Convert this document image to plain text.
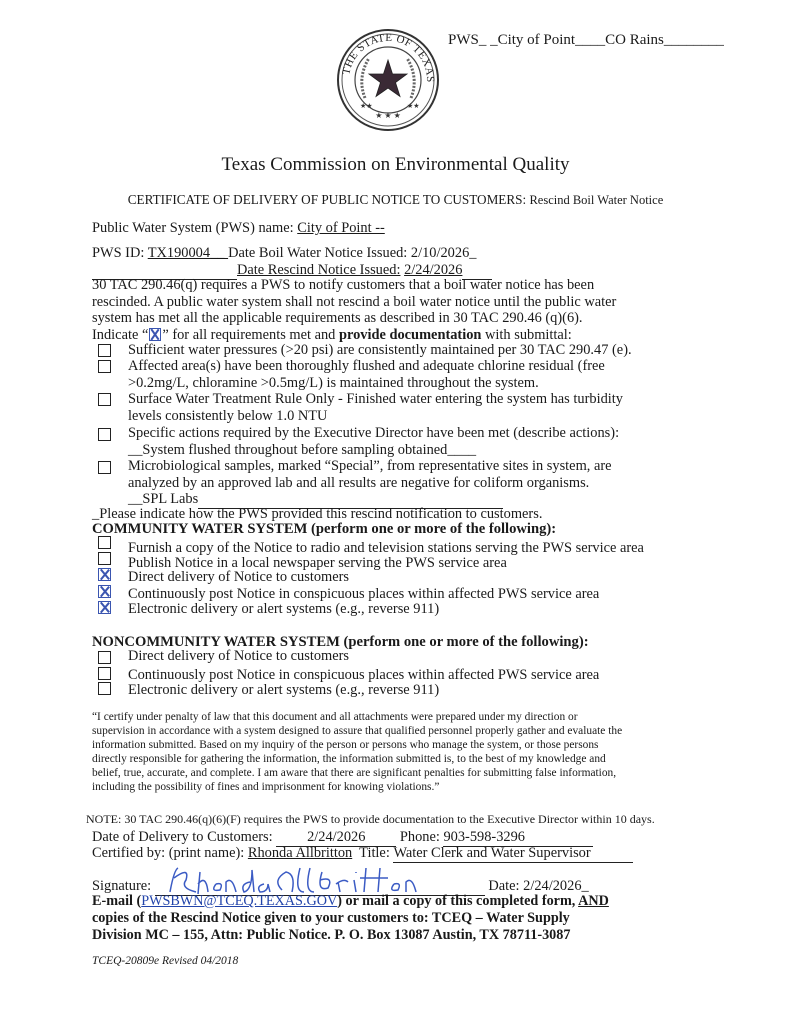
THE STATE OF TEXAS
★ ★ ★
★★	★★
PWS_ _City of Point____CO Rains________
Texas Commission on Environmental Quality
CERTIFICATE OF DELIVERY OF PUBLIC NOTICE TO CUSTOMERS: Rescind Boil Water Notice
Public Water System (PWS) name: City of Point --
PWS ID: TX190004__ Date Boil Water Notice Issued: 2/10/2026_
Date Rescind Notice Issued: 2/24/2026
30 TAC 290.46(q) requires a PWS to notify customers that a boil water notice has been
rescinded. A public water system shall not rescind a boil water notice until the public water
system has met all the applicable requirements as described in 30 TAC 290.46 (q)(6).
Indicate “ ” for all requirements met and provide documentation with submittal:
Sufficient water pressures (>20 psi) are consistently maintained per 30 TAC 290.47 (e).
Affected area(s) have been thoroughly flushed and adequate chlorine residual (free
>0.2mg/L, chloramine >0.5mg/L) is maintained throughout the system.
Surface Water Treatment Rule Only - Finished water entering the system has turbidity
levels consistently below 1.0 NTU
Specific actions required by the Executive Director have been met (describe actions):
__System flushed throughout before sampling obtained____
Microbiological samples, marked “Special”, from representative sites in system, are
analyzed by an approved lab and all results are negative for coliform organisms.
__SPL Labs
_Please indicate how the PWS provided this rescind notification to customers.
COMMUNITY WATER SYSTEM (perform one or more of the following):
Furnish a copy of the Notice to radio and television stations serving the PWS service area
Publish Notice in a local newspaper serving the PWS service area
Direct delivery of Notice to customers
Continuously post Notice in conspicuous places within affected PWS service area
Electronic delivery or alert systems (e.g., reverse 911)
NONCOMMUNITY WATER SYSTEM (perform one or more of the following):
Direct delivery of Notice to customers
Continuously post Notice in conspicuous places within affected PWS service area
Electronic delivery or alert systems (e.g., reverse 911)
“I certify under penalty of law that this document and all attachments were prepared under my direction or
supervision in accordance with a system designed to assure that qualified personnel properly gather and evaluate the
information submitted. Based on my inquiry of the person or persons who manage the system, or those persons
directly responsible for gathering the information, the information submitted is, to the best of my knowledge and
belief, true, accurate, and complete. I am aware that there are significant penalties for submitting false information,
including the possibility of fines and imprisonment for knowing violations.”
NOTE: 30 TAC 290.46(q)(6)(F) requires the PWS to provide documentation to the Executive Director within 10 days.
Date of Delivery to Customers: 2/24/2026 Phone: 903-598-3296
Certified by: (print name): Rhonda Allbritton Title: Water Clerk and Water Supervisor
Signature:	Date: 2/24/2026_
E-mail (PWSBWN@TCEQ.TEXAS.GOV) or mail a copy of this completed form, AND
copies of the Rescind Notice given to your customers to: TCEQ – Water Supply
Division MC – 155, Attn: Public Notice. P. O. Box 13087 Austin, TX 78711-3087
TCEQ-20809e Revised 04/2018
